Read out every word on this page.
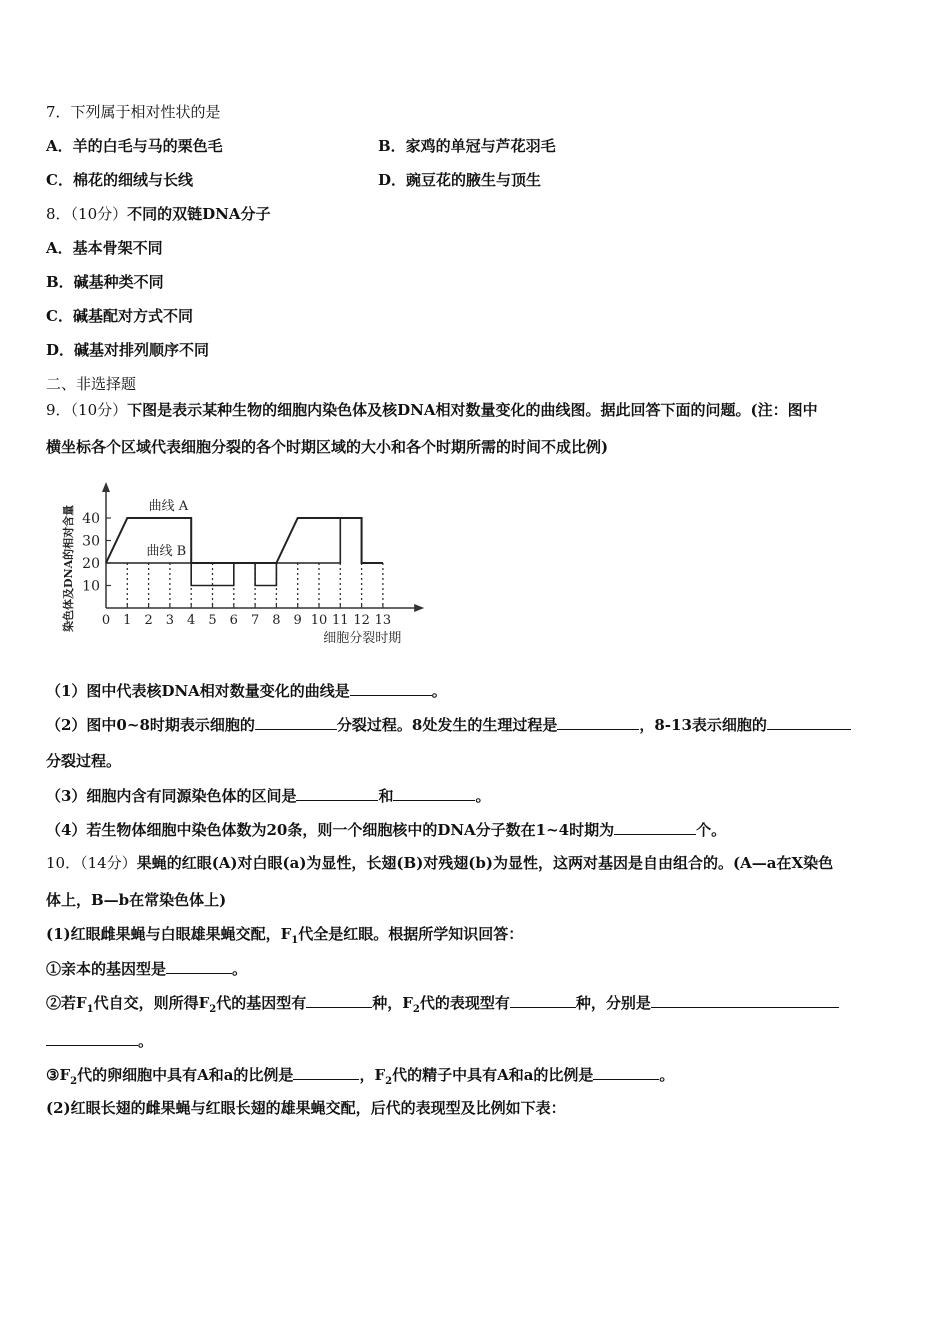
7．下列属于相对性状的是
A．羊的白毛与马的栗色毛	B．家鸡的单冠与芦花羽毛
C．棉花的细绒与长线	D．豌豆花的腋生与顶生
8．（10分）不同的双链DNA分子
A．基本骨架不同
B．碱基种类不同
C．碱基配对方式不同
D．碱基对排列顺序不同
二、非选择题
9．（10分）下图是表示某种生物的细胞内染色体及核DNA相对数量变化的曲线图。据此回答下面的问题。(注：图中
横坐标各个区域代表细胞分裂的各个时期区域的大小和各个时期所需的时间不成比例)
10
20
30
40
0 1 2 3 4 5 6 7 8 9 10 11 12 13
曲线 A
曲线 B
细胞分裂时期
染色体及DNA的相对含量
（1）图中代表核DNA相对数量变化的曲线是	。
（2）图中0~8时期表示细胞的	分裂过程。8处发生的生理过程是	，8-13表示细胞的
分裂过程。
（3）细胞内含有同源染色体的区间是	和	。
（4）若生物体细胞中染色体数为20条，则一个细胞核中的DNA分子数在1~4时期为	个。
10．（14分）果蝇的红眼(A)对白眼(a)为显性，长翅(B)对残翅(b)为显性，这两对基因是自由组合的。(A—a在X染色
体上，B—b在常染色体上)
(1)红眼雌果蝇与白眼雄果蝇交配，$F_1$代全是红眼。根据所学知识回答：
①亲本的基因型是	。
②若$F_1$代自交，则所得$F_2$代的基因型有	种，$F_2$代的表现型有	种，分别是
。
$③F_2$代的卵细胞中具有A和a的比例是	，$F_2$代的精子中具有A和a的比例是	。
(2)红眼长翅的雌果蝇与红眼长翅的雄果蝇交配，后代的表现型及比例如下表：
